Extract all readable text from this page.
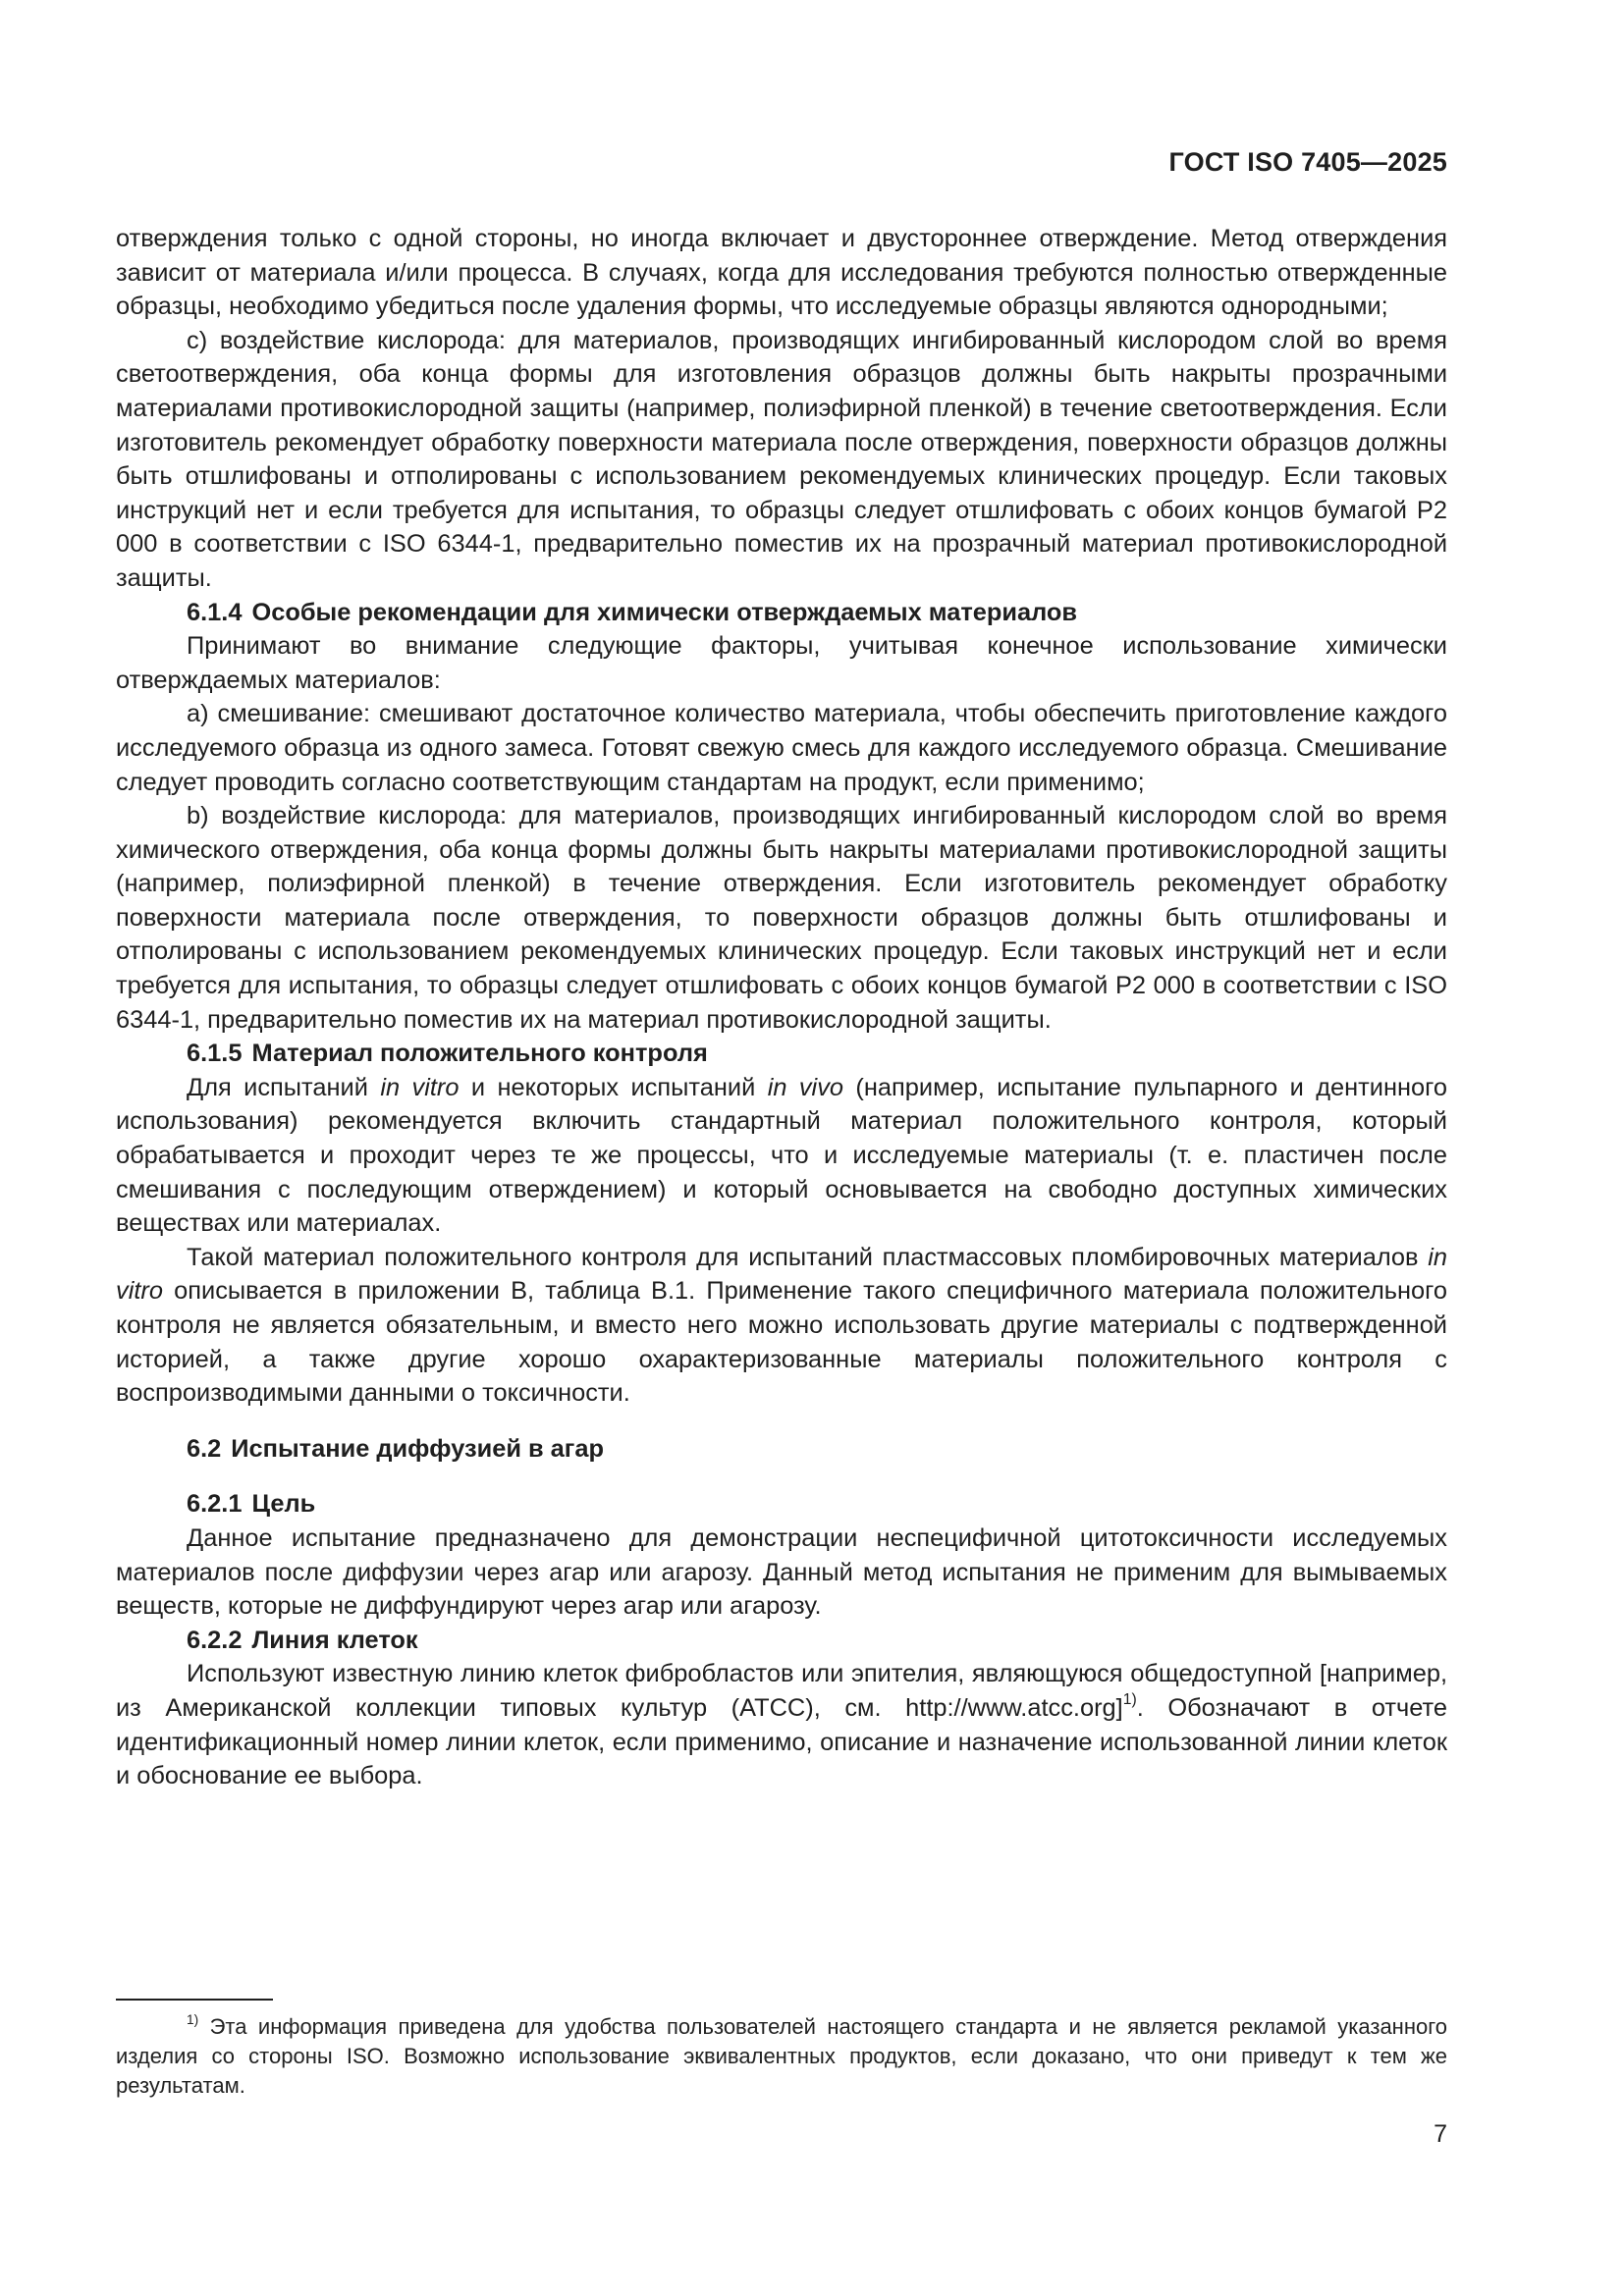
ГОСТ ISO 7405—2025

отверждения только с одной стороны, но иногда включает и двустороннее отверждение. Метод отверждения зависит от материала и/или процесса. В случаях, когда для исследования требуются полностью отвержденные образцы, необходимо убедиться после удаления формы, что исследуемые образцы являются однородными;

с) воздействие кислорода: для материалов, производящих ингибированный кислородом слой во время светоотверждения, оба конца формы для изготовления образцов должны быть накрыты прозрачными материалами противокислородной защиты (например, полиэфирной пленкой) в течение светоотверждения. Если изготовитель рекомендует обработку поверхности материала после отверждения, поверхности образцов должны быть отшлифованы и отполированы с использованием рекомендуемых клинических процедур. Если таковых инструкций нет и если требуется для испытания, то образцы следует отшлифовать с обоих концов бумагой Р2 000 в соответствии с ISO 6344-1, предварительно поместив их на прозрачный материал противокислородной защиты.

6.1.4 Особые рекомендации для химически отверждаемых материалов

Принимают во внимание следующие факторы, учитывая конечное использование химически отверждаемых материалов:

а) смешивание: смешивают достаточное количество материала, чтобы обеспечить приготовление каждого исследуемого образца из одного замеса. Готовят свежую смесь для каждого исследуемого образца. Смешивание следует проводить согласно соответствующим стандартам на продукт, если применимо;

b) воздействие кислорода: для материалов, производящих ингибированный кислородом слой во время химического отверждения, оба конца формы должны быть накрыты материалами противокислородной защиты (например, полиэфирной пленкой) в течение отверждения. Если изготовитель рекомендует обработку поверхности материала после отверждения, то поверхности образцов должны быть отшлифованы и отполированы с использованием рекомендуемых клинических процедур. Если таковых инструкций нет и если требуется для испытания, то образцы следует отшлифовать с обоих концов бумагой Р2 000 в соответствии с ISO 6344-1, предварительно поместив их на материал противокислородной защиты.

6.1.5 Материал положительного контроля

Для испытаний in vitro и некоторых испытаний in vivo (например, испытание пульпарного и дентинного использования) рекомендуется включить стандартный материал положительного контроля, который обрабатывается и проходит через те же процессы, что и исследуемые материалы (т. е. пластичен после смешивания с последующим отверждением) и который основывается на свободно доступных химических веществах или материалах.

Такой материал положительного контроля для испытаний пластмассовых пломбировочных материалов in vitro описывается в приложении В, таблица В.1. Применение такого специфичного материала положительного контроля не является обязательным, и вместо него можно использовать другие материалы с подтвержденной историей, а также другие хорошо охарактеризованные материалы положительного контроля с воспроизводимыми данными о токсичности.

6.2 Испытание диффузией в агар
6.2.1 Цель

Данное испытание предназначено для демонстрации неспецифичной цитотоксичности исследуемых материалов после диффузии через агар или агарозу. Данный метод испытания не применим для вымываемых веществ, которые не диффундируют через агар или агарозу.

6.2.2 Линия клеток

Используют известную линию клеток фибробластов или эпителия, являющуюся общедоступной [например, из Американской коллекции типовых культур (АТСС), см. http://www.atcc.org]$^{1)}$. Обозначают в отчете идентификационный номер линии клеток, если применимо, описание и назначение использованной линии клеток и обоснование ее выбора.

$^{1)}$ Эта информация приведена для удобства пользователей настоящего стандарта и не является рекламой указанного изделия со стороны ISO. Возможно использование эквивалентных продуктов, если доказано, что они приведут к тем же результатам.

7
